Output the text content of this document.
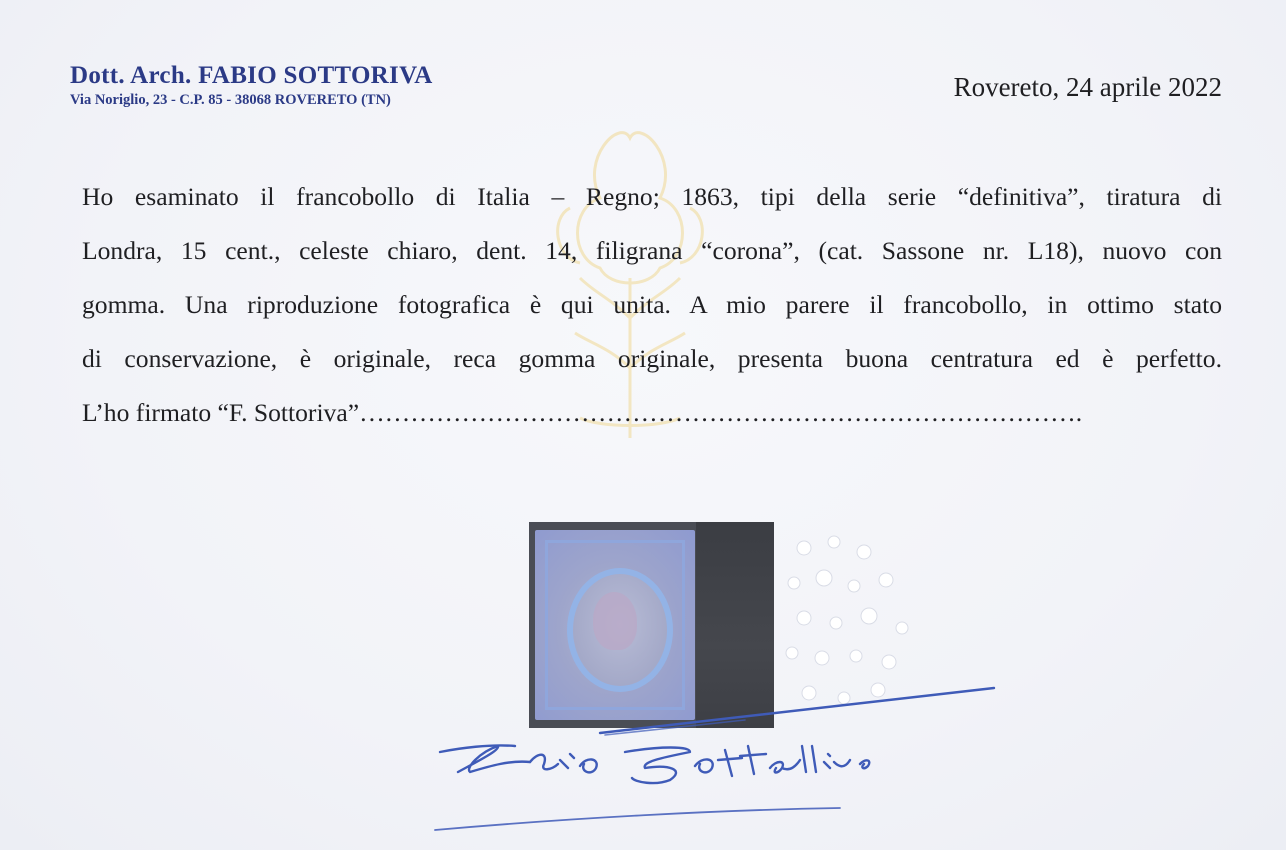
Dott. Arch. FABIO SOTTORIVA
Via Noriglio, 23 - C.P. 85 - 38068 ROVERETO (TN)	Rovereto, 24 aprile 2022
Ho esaminato il francobollo di Italia – Regno; 1863, tipi della serie “definitiva”, tiratura di
Londra, 15 cent., celeste chiaro, dent. 14, filigrana “corona”, (cat. Sassone nr. L18), nuovo con
gomma. Una riproduzione fotografica è qui unita. A mio parere il francobollo, in ottimo stato
di conservazione, è originale, reca gomma originale, presenta buona centratura ed è perfetto.
L’ho firmato “F. Sottoriva”………………………………………………………………………….
